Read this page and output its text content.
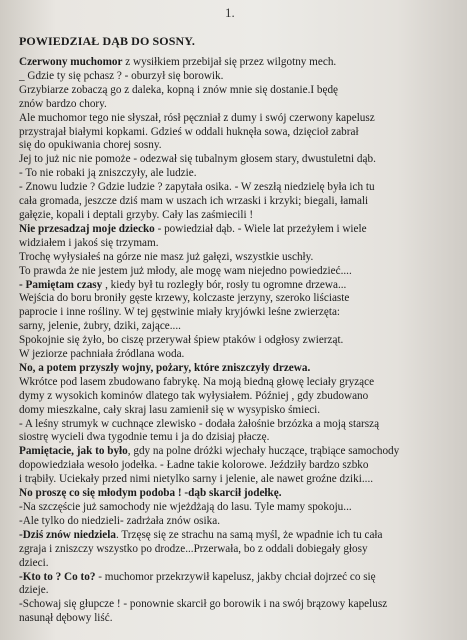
1.
POWIEDZIAŁ DĄB DO SOSNY.
Czerwony muchomor z wysiłkiem przebijał się przez wilgotny mech.
_ Gdzie ty się pchasz ? - oburzył się borowik.
Grzybiarze zobaczą go z daleka, kopną i znów mnie się dostanie.I będę
znów bardzo chory.
Ale muchomor tego nie słyszał, rósł pęczniał z dumy i swój czerwony kapelusz
przystrajał białymi kopkami. Gdzieś w oddali huknęła sowa, dzięcioł zabrał
się do opukiwania chorej sosny.
Jej to już nic nie pomoże - odezwał się tubalnym głosem stary, dwustuletni dąb.
- To nie robaki ją zniszczyły, ale ludzie.
- Znowu ludzie ? Gdzie ludzie ? zapytała osika. - W zeszłą niedzielę była ich tu
cała gromada, jeszcze dziś mam w uszach ich wrzaski i krzyki; biegali, łamali
gałęzie, kopali i deptali grzyby. Cały las zaśmiecili !
Nie przesadzaj moje dziecko - powiedział dąb. - Wiele lat przeżyłem i wiele
widziałem i jakoś się trzymam.
Trochę wyłysiałeś na górze nie masz już gałęzi, wszystkie uschły.
To prawda że nie jestem już młody, ale mogę wam niejedno powiedzieć....
- Pamiętam czasy , kiedy był tu rozległy bór, rosły tu ogromne drzewa...
Wejścia do boru broniły gęste krzewy, kolczaste jerzyny, szeroko liściaste
paprocie i inne rośliny. W tej gęstwinie miały kryjówki leśne zwierzęta:
sarny, jelenie, żubry, dziki, zające....
Spokojnie się żyło, bo ciszę przerywał śpiew ptaków i odgłosy zwierząt.
W jeziorze pachniała źródlana woda.
No, a potem przyszły wojny, pożary, które zniszczyły drzewa.
Wkrótce pod lasem zbudowano fabrykę. Na moją biedną głowę leciały gryzące
dymy z wysokich kominów dlatego tak wyłysiałem. Później , gdy zbudowano
domy mieszkalne, cały skraj lasu zamienił się w wysypisko śmieci.
- A leśny strumyk w cuchnące zlewisko - dodała żałośnie brzózka a moją starszą
siostrę wycieli dwa tygodnie temu i ja do dzisiaj płaczę.
Pamiętacie, jak to było, gdy na polne dróżki wjechały huczące, trąbiące samochody
dopowiedziała wesoło jodełka. - Ładne takie kolorowe. Jeździły bardzo szbko
i trąbiły. Uciekały przed nimi nietylko sarny i jelenie, ale nawet groźne dziki....
No proszę co się młodym podoba ! -dąb skarcił jodełkę.
-Na szczęście już samochody nie wjeżdżają do lasu. Tyle mamy spokoju...
-Ale tylko do niedzieli- zadrżała znów osika.
-Dziś znów niedziela. Trzęsę się ze strachu na samą myśl, że wpadnie ich tu cała
zgraja i zniszczy wszystko po drodze...Przerwała, bo z oddali dobiegały głosy
dzieci.
-Kto to ? Co to? - muchomor przekrzywił kapelusz, jakby chciał dojrzeć co się
dzieje.
-Schowaj się głupcze ! - ponownie skarcił go borowik i na swój brązowy kapelusz
nasunął dębowy liść.
